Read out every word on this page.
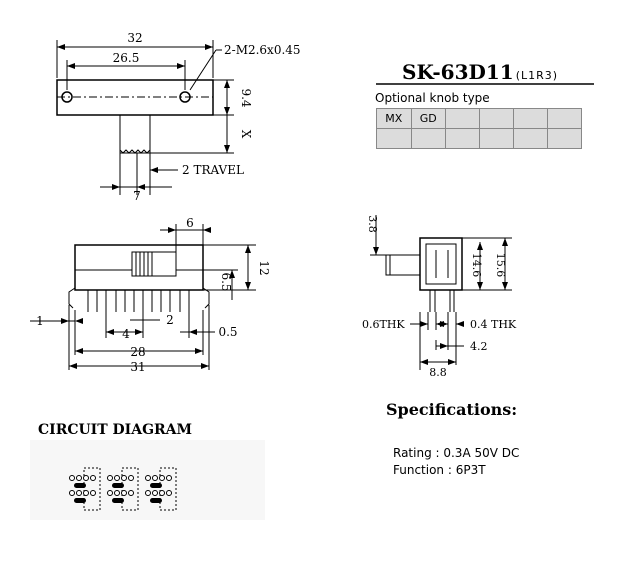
SK-63D11 (L1R3)
Optional knob type
MX	GD				

32
26.5
2-M2.6x0.45
9.4
X
7
2 TRAVEL
6
12
6.5
1
4
2
0.5
28
31
3.8
14.6 15.6
0.6THK	0.4 THK
4.2
8.8
Specifications:
Rating : 0.3A 50V DC
Function : 6P3T
CIRCUIT DIAGRAM
